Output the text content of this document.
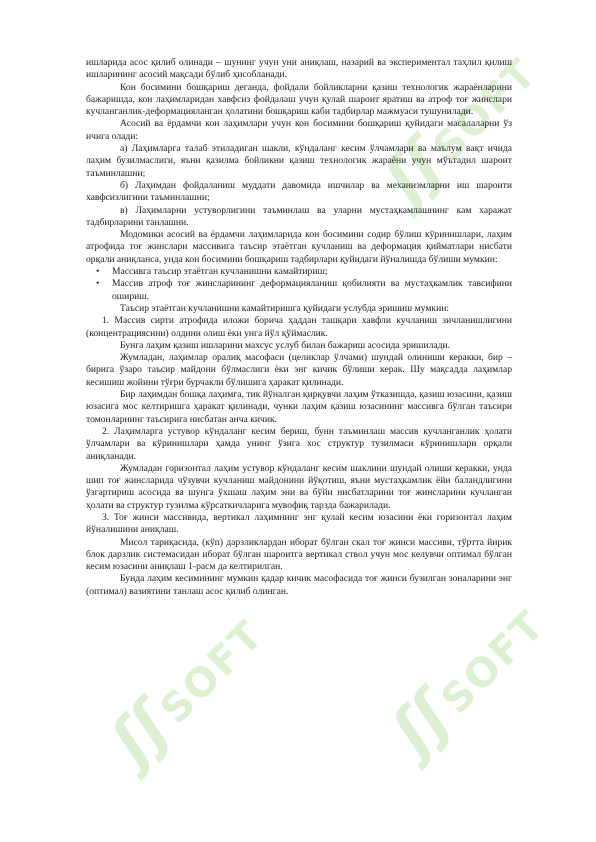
ʃʃ SOFT
ʃʃ SOFT ʃʃ SOFT

ишларида асос қилиб олинади – шунинг учун уни аниқлаш, назарий ва экспериментал таҳлил қилиш ишларининг асосий мақсади бўлиб ҳисобланади.

Кон босимини бошқариш деганда, фойдали бойликларни қазиш технологик жараёнларини бажаришда, кон лаҳимларидан хавфсиз фойдалаш учун қулай шароит яратиш ва атроф тоғ жинслари кучланганлик-деформацияланган ҳолатини бошқариш каби тадбирлар мажмуаси тушунилади.

Асосий ва ёрдамчи кон лаҳимлари учун кон босимини бошқариш қуйидаги масалаларни ўз ичига олади:

а) Лаҳимларга талаб этиладиган шакли, кўндаланг кесим ўлчамлари ва маълум вақт ичида лаҳим бузилмаслиги, яъни қазилма бойликни қазиш технологик жараёни учун мўътадил шароит таъминлашни;

б) Лаҳимдан фойдаланиш муддати давомида ишчилар ва механизмларни иш шароити хавфсизлигини таъминлашни;

в) Лаҳимларни устуворлигини таъминлаш ва уларни мустаҳкамлашнинг кам харажат тадбирларини танлашни.

Модомики асосий ва ёрдамчи лаҳимларида кон босимини содир бўлиш кўринишлари, лаҳим атрофида тоғ жинслари массивига таъсир этаётган кучланиш ва деформация қийматлари нисбати орқали аниқланса, унда кон босимини бошқариш тадбирлари қуйидаги йўналишда бўлиши мумкин:

• Массивга таъсир этаётган кучланишни камайтириш;
• Массив атроф тоғ жинсларининг деформацияланиш қобилияти ва мустаҳкамлик тавсифини ошириш.

Таъсир этаётган кучланишни камайтиришга қуйидаги услубда эришиш мумкин:

1. Массив сирти атрофида иложи борича ҳаддан ташқари хавфли кучланиш зичланишлигини (концентрациясини) олдини олиш ёки унга йўл қўймаслик.

Бунга лаҳим қазиш ишларини махсус услуб билан бажариш асосида эришилади.

Жумладан, лаҳимлар оралиқ масофаси (целиклар ўлчами) шундай олиниши керакки, бир – бирига ўзаро таъсир майдони бўлмаслиги ёки энг кичик бўлиши керак. Шу мақсадда лаҳимлар кесишиш жойини тўғри бурчакли бўлишига ҳаракат қилинади.

Бир лаҳимдан бошқа лаҳимга, тик йўналган қирқувчи лаҳим ўтказишда, қазиш юзасини, қазиш юзасига мос келтиришга ҳаракат қилинади, чунки лаҳим қазиш юзасининг массивга бўлган таъсири томонларнинг таъсирига нисбатан анча кичик.

2. Лаҳимларга устувор кўндаланг кесим бериш, бунн таъминлаш массив кучланганлик ҳолати ўлчамлари ва кўринишлари ҳамда унинг ўзига хос структур тузилмаси кўринишлари орқали аниқланади.

Жумладан горизонтал лаҳим устувор кўндаланг кесим шаклини шундай олиши керакки, унда шип тоғ жинсларида чўзувчи кучланиш майдонини йўқотиш, яъни мустаҳкамлик ёйи баландлигини ўзгартириш асосида ва шунга ўхшаш лаҳим эни ва бўйи нисбатларини тоғ жинсларини кучланган ҳолати ва структур тузилма кўрсаткичларига мувофиқ тарзда бажарилади.

3. Тоғ жинси массивида, вертикал лаҳимнинг энг қулай кесим юзасини ёки горизонтал лаҳим йўналишини аниқлаш.

Мисол тариқасида, (кўп) дарзликлардан иборат бўлган скал тоғ жинси массиви, тўртта йирик блок дарзлик системасидан иборат бўлган шароитга вертикал ствол учун мос келувчи оптимал бўлган кесим юзасини аниқлаш 1-расм да келтирилган.

Бунда лаҳим кесимининг мумкин қадар кичик масофасида тоғ жинси бузилган зоналарини энг (оптимал) вазиятини танлаш асос қилиб олинган.
